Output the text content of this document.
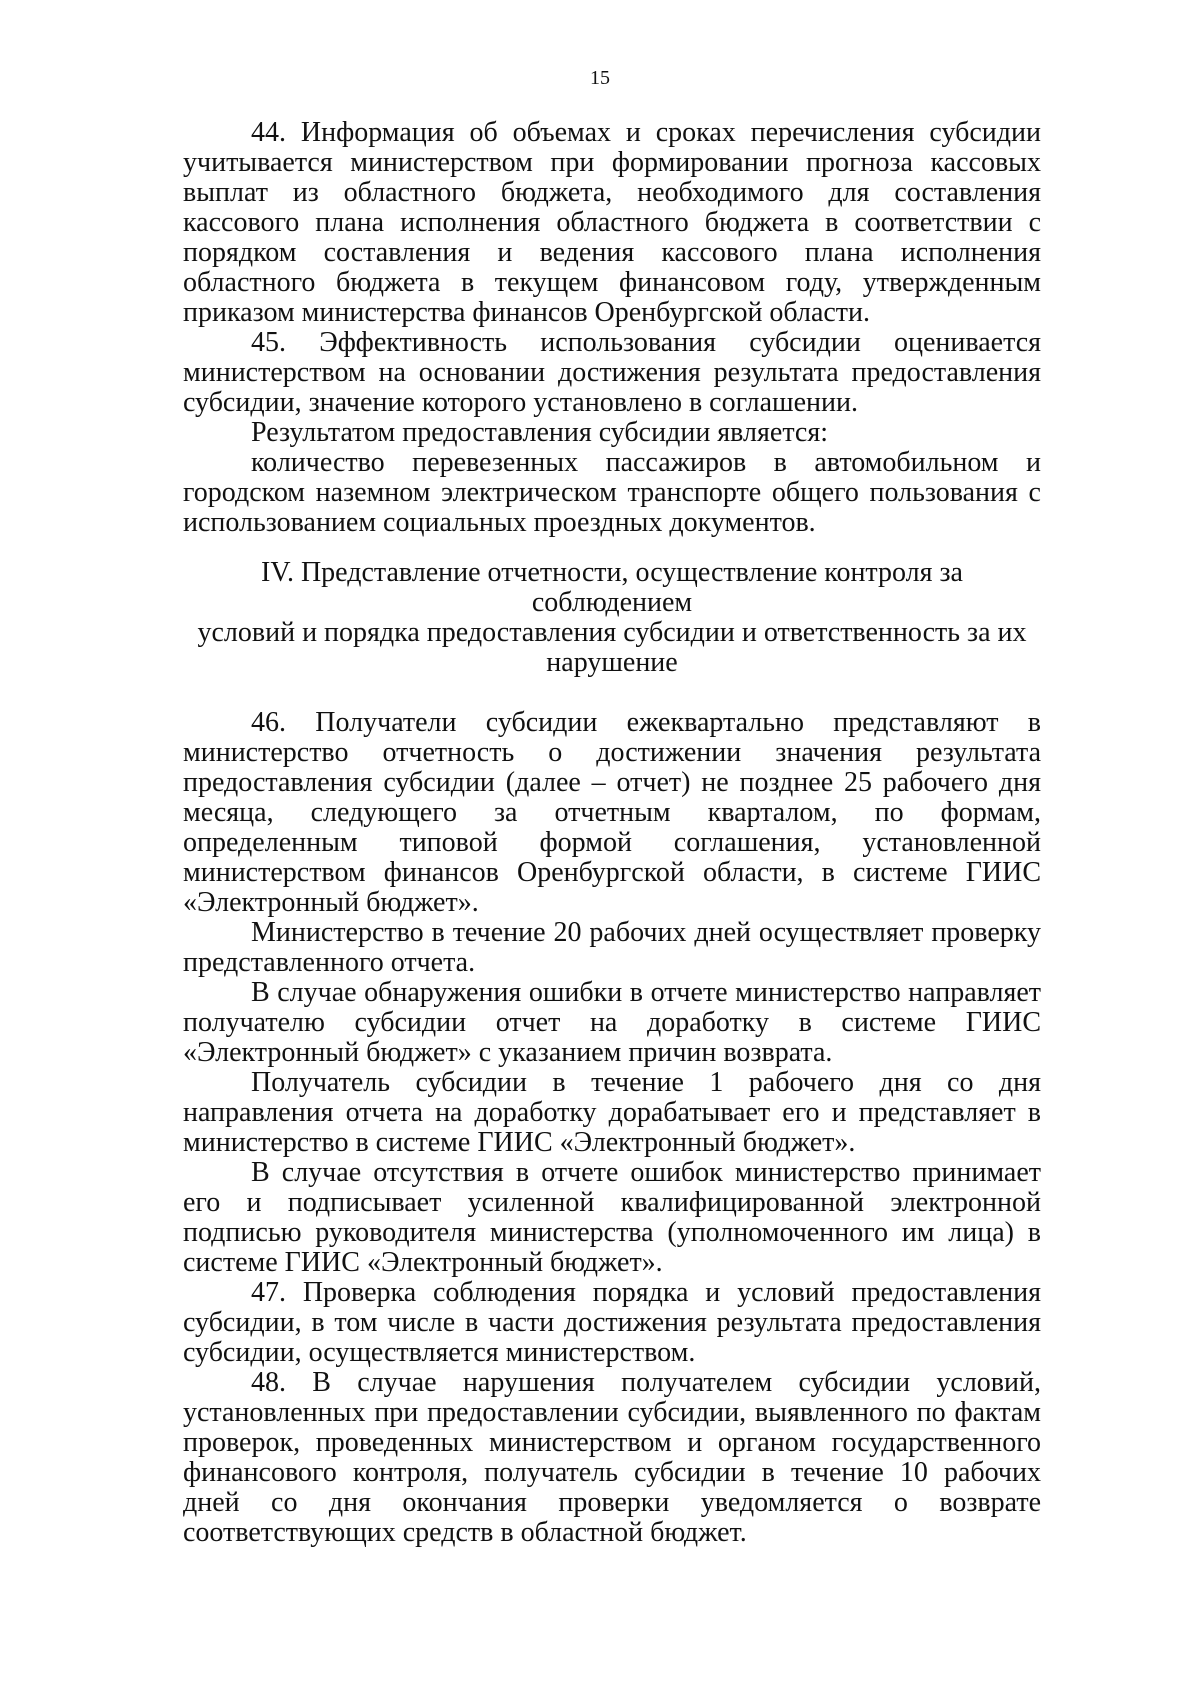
15

44. Информация об объемах и сроках перечисления субсидии учитывается министерством при формировании прогноза кассовых выплат из областного бюджета, необходимого для составления кассового плана исполнения областного бюджета в соответствии с порядком составления и ведения кассового плана исполнения областного бюджета в текущем финансовом году, утвержденным приказом министерства финансов Оренбургской области.

45. Эффективность использования субсидии оценивается министерством на основании достижения результата предоставления субсидии, значение которого установлено в соглашении.

Результатом предоставления субсидии является:

количество перевезенных пассажиров в автомобильном и городском наземном электрическом транспорте общего пользования с использованием социальных проездных документов.

IV. Представление отчетности, осуществление контроля за соблюдением
условий и порядка предоставления субсидии и ответственность за их
нарушение

46. Получатели субсидии ежеквартально представляют в министерство отчетность о достижении значения результата предоставления субсидии (далее – отчет) не позднее 25 рабочего дня месяца, следующего за отчетным кварталом, по формам, определенным типовой формой соглашения, установленной министерством финансов Оренбургской области, в системе ГИИС «Электронный бюджет».

Министерство в течение 20 рабочих дней осуществляет проверку представленного отчета.

В случае обнаружения ошибки в отчете министерство направляет получателю субсидии отчет на доработку в системе ГИИС «Электронный бюджет» с указанием причин возврата.

Получатель субсидии в течение 1 рабочего дня со дня направления отчета на доработку дорабатывает его и представляет в министерство в системе ГИИС «Электронный бюджет».

В случае отсутствия в отчете ошибок министерство принимает его и подписывает усиленной квалифицированной электронной подписью руководителя министерства (уполномоченного им лица) в системе ГИИС «Электронный бюджет».

47. Проверка соблюдения порядка и условий предоставления субсидии, в том числе в части достижения результата предоставления субсидии, осуществляется министерством.

48. В случае нарушения получателем субсидии условий, установленных при предоставлении субсидии, выявленного по фактам проверок, проведенных министерством и органом государственного финансового контроля, получатель субсидии в течение 10 рабочих дней со дня окончания проверки уведомляется о возврате соответствующих средств в областной бюджет.
